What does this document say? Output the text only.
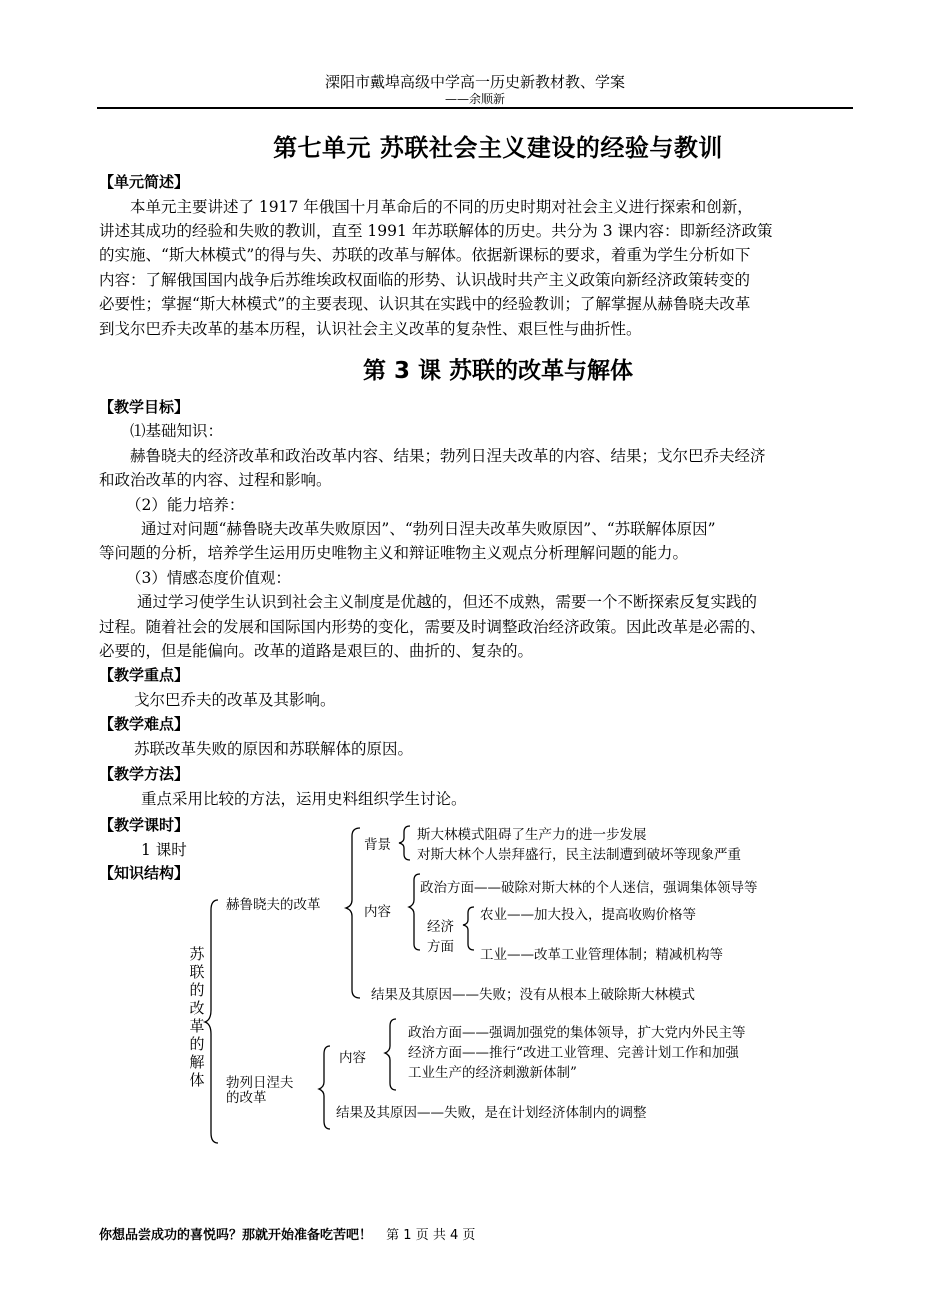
溧阳市戴埠高级中学高一历史新教材教、学案
——余顺新
第七单元 苏联社会主义建设的经验与教训
【单元简述】
本单元主要讲述了 1917 年俄国十月革命后的不同的历史时期对社会主义进行探索和创新，
讲述其成功的经验和失败的教训，直至 1991 年苏联解体的历史。共分为 3 课内容：即新经济政策
的实施、“斯大林模式”的得与失、苏联的改革与解体。依据新课标的要求，着重为学生分析如下
内容：了解俄国国内战争后苏维埃政权面临的形势、认识战时共产主义政策向新经济政策转变的
必要性；掌握“斯大林模式”的主要表现、认识其在实践中的经验教训；了解掌握从赫鲁晓夫改革
到戈尔巴乔夫改革的基本历程，认识社会主义改革的复杂性、艰巨性与曲折性。
第 3 课 苏联的改革与解体
【教学目标】
⑴基础知识：
赫鲁晓夫的经济改革和政治改革内容、结果；勃列日涅夫改革的内容、结果；戈尔巴乔夫经济
和政治改革的内容、过程和影响。
（2）能力培养：
通过对问题“赫鲁晓夫改革失败原因”、“勃列日涅夫改革失败原因”、“苏联解体原因”
等问题的分析，培养学生运用历史唯物主义和辩证唯物主义观点分析理解问题的能力。
（3）情感态度价值观：
通过学习使学生认识到社会主义制度是优越的，但还不成熟，需要一个不断探索反复实践的
过程。随着社会的发展和国际国内形势的变化，需要及时调整政治经济政策。因此改革是必需的、
必要的，但是能偏向。改革的道路是艰巨的、曲折的、复杂的。
【教学重点】
戈尔巴乔夫的改革及其影响。
【教学难点】
苏联改革失败的原因和苏联解体的原因。
【教学方法】
重点采用比较的方法，运用史料组织学生讨论。
【教学课时】
1 课时
【知识结构】
苏联的改革的解体
赫鲁晓夫的改革
背景
斯大林模式阻碍了生产力的进一步发展
对斯大林个人崇拜盛行，民主法制遭到破坏等现象严重
内容
政治方面——破除对斯大林的个人迷信，强调集体领导等
经济
方面
农业——加大投入，提高收购价格等
工业——改革工业管理体制；精减机构等
结果及其原因——失败；没有从根本上破除斯大林模式
勃列日涅夫
的改革
内容
政治方面——强调加强党的集体领导，扩大党内外民主等
经济方面——推行“改进工业管理、完善计划工作和加强
工业生产的经济刺激新体制”
结果及其原因——失败，是在计划经济体制内的调整
你想品尝成功的喜悦吗？那就开始准备吃苦吧！ 第 1 页 共 4 页
